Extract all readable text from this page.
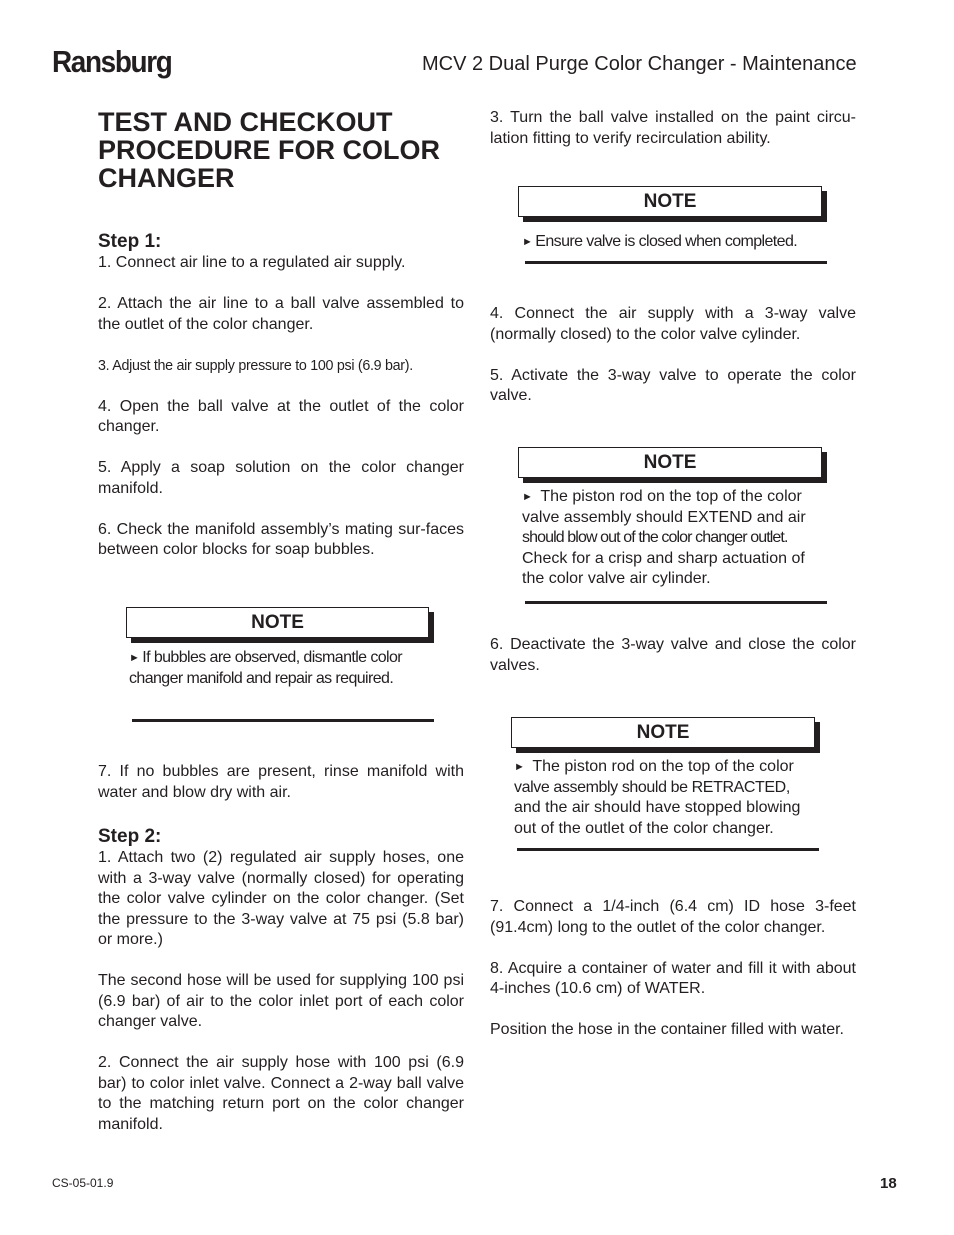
Ransburg	MCV 2 Dual Purge Color Changer - Maintenance
TEST AND CHECKOUT PROCEDURE FOR COLOR CHANGER

Step 1:

1. Connect air line to a regulated air supply.

2. Attach the air line to a ball valve assembled to the outlet of the color changer.

3. Adjust the air supply pressure to 100 psi (6.9 bar).

4. Open the ball valve at the outlet of the color changer.

5. Apply a soap solution on the color changer manifold.

6. Check the manifold assembly’s mating sur-faces between color blocks for soap bubbles.

NOTE
► If bubbles are observed, dismantle color changer manifold and repair as required.

7. If no bubbles are present, rinse manifold with water and blow dry with air.

Step 2:

1. Attach two (2) regulated air supply hoses, one with a 3-way valve (normally closed) for operating the color valve cylinder on the color changer. (Set the pressure to the 3-way valve at 75 psi (5.8 bar) or more.)

The second hose will be used for supplying 100 psi (6.9 bar) of air to the color inlet port of each color changer valve.

2. Connect the air supply hose with 100 psi (6.9 bar) to color inlet valve. Connect a 2-way ball valve to the matching return port on the color changer manifold.

3. Turn the ball valve installed on the paint circu-lation fitting to verify recirculation ability.

NOTE
► Ensure valve is closed when completed.

4. Connect the air supply with a 3-way valve (normally closed) to the color valve cylinder.

5. Activate the 3-way valve to operate the color valve.

NOTE
► The piston rod on the top of the color
valve assembly should EXTEND and air
should blow out of the color changer outlet.
Check for a crisp and sharp actuation of
the color valve air cylinder.

6. Deactivate the 3-way valve and close the color valves.

NOTE
► The piston rod on the top of the color
valve assembly should be RETRACTED,
and the air should have stopped blowing
out of the outlet of the color changer.

7. Connect a 1/4-inch (6.4 cm) ID hose 3-feet (91.4cm) long to the outlet of the color changer.

8. Acquire a container of water and fill it with about 4-inches (10.6 cm) of WATER.

Position the hose in the container filled with water.

CS-05-01.9	18
